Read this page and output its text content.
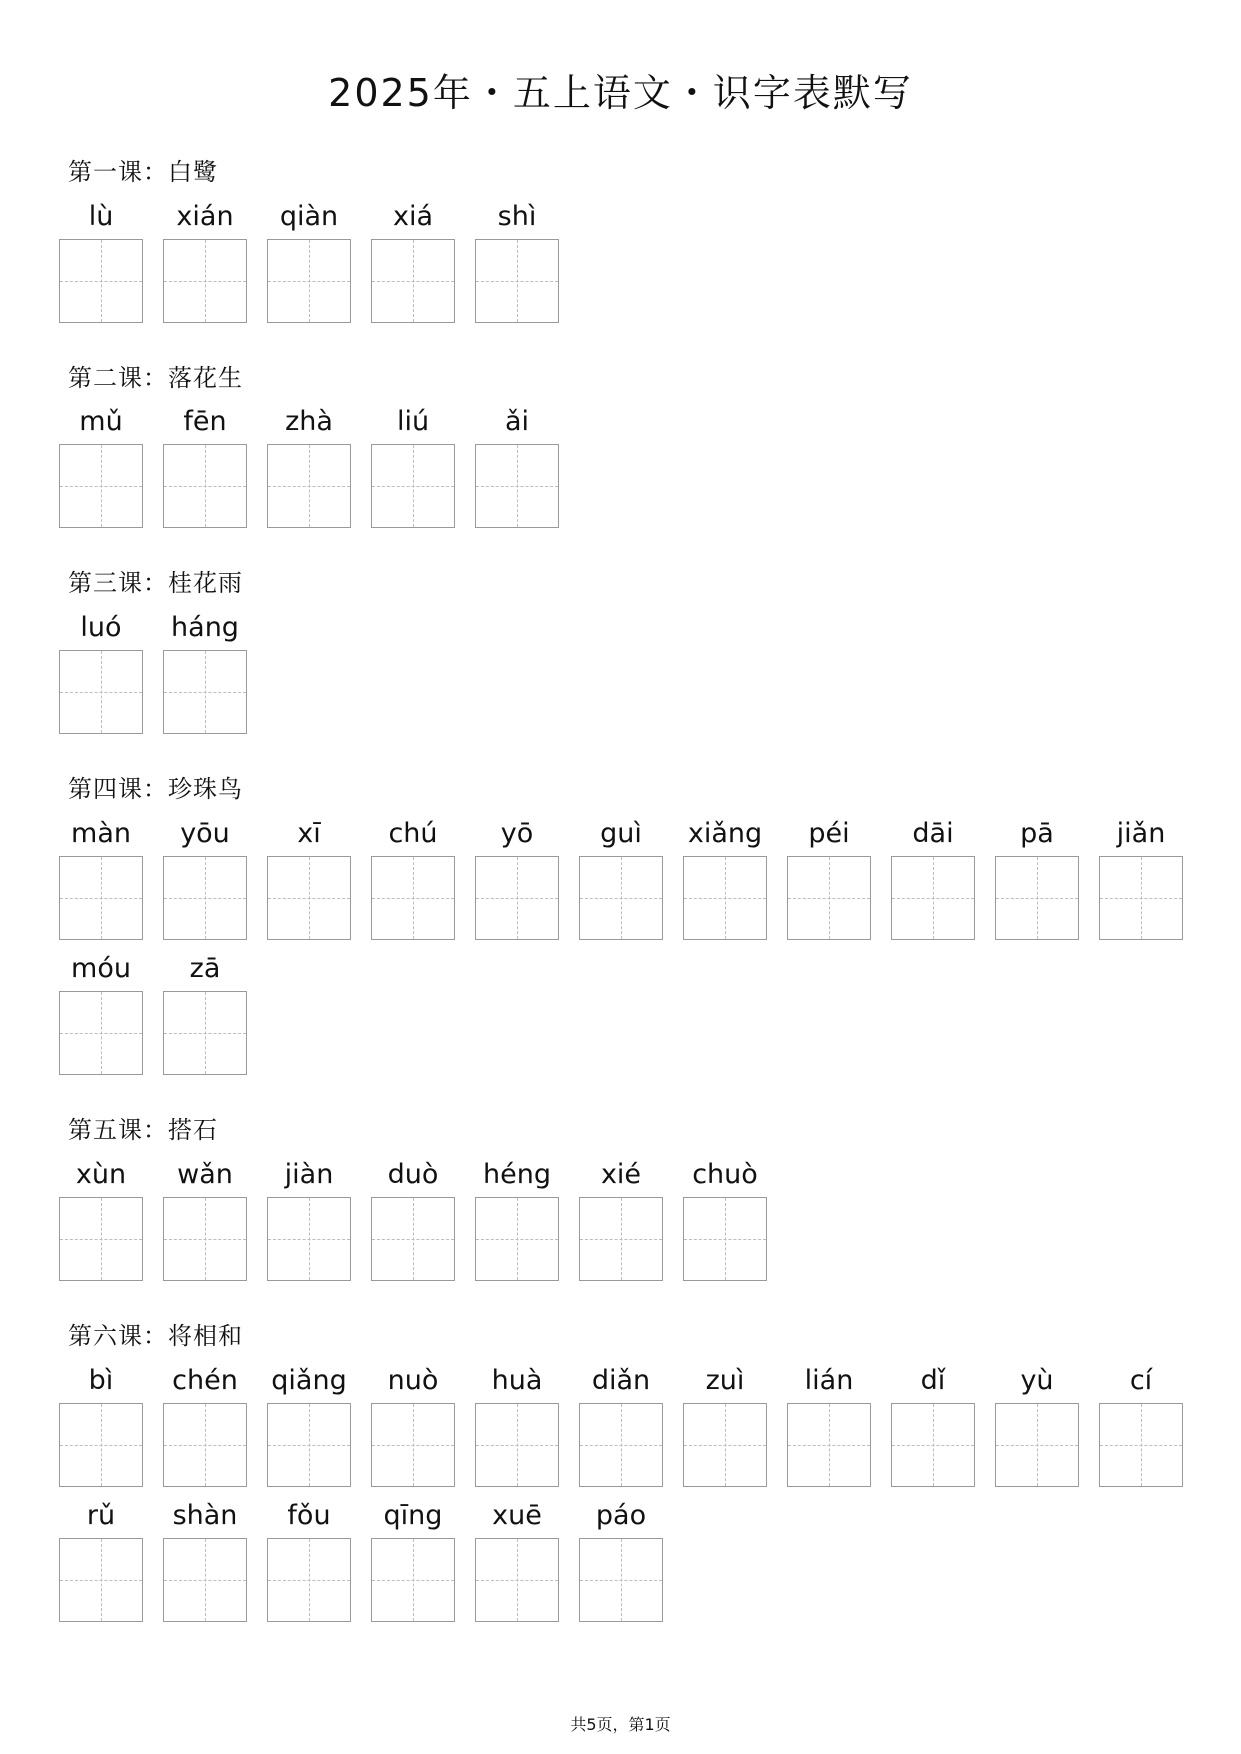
2025年・五上语文・识字表默写
第一课：白鹭
lù	xián	qiàn	xiá	shì
第二课：落花生
mǔ	fēn	zhà	liú	ǎi
第三课：桂花雨
luó	háng
第四课：珍珠鸟
màn	yōu	xī	chú	yō	guì	xiǎng	péi	dāi	pā	jiǎn
móu	zā
第五课：搭石
xùn	wǎn	jiàn	duò	héng	xié	chuò
第六课：将相和
bì	chén	qiǎng	nuò	huà	diǎn	zuì	lián	dǐ	yù	cí
rǔ	shàn	fǒu	qīng	xuē	páo
共5页，第1页
